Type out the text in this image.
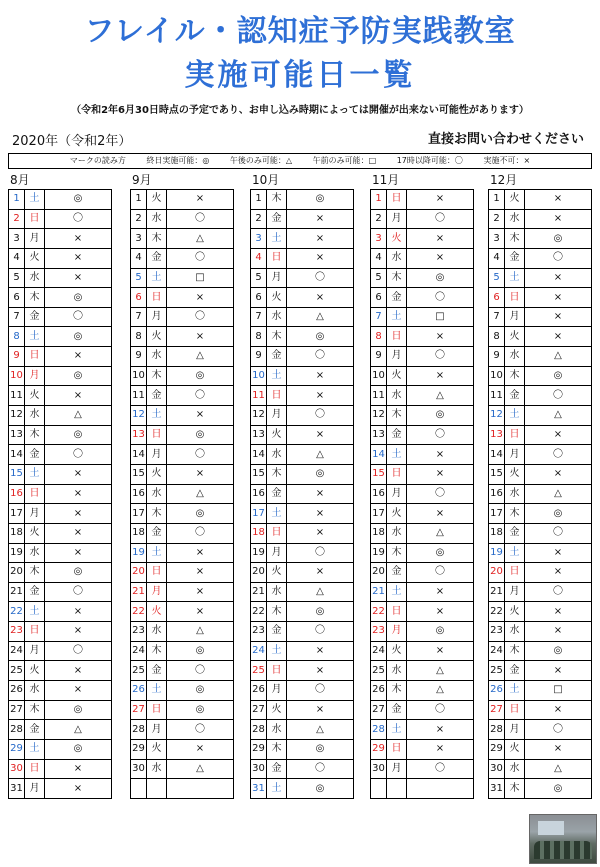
フレイル・認知症予防実践教室
実施可能日一覧
（令和2年6月30日時点の予定であり、お申し込み時期によっては開催が出来ない可能性があります）
2020年（令和2年）	直接お問い合わせください
マークの読み方	終日実施可能：◎	午後のみ可能：△	午前のみ可能：□	17時以降可能：〇	実施不可：×
8月
1	土	◎
2	日	〇
3	月	×
4	火	×
5	水	×
6	木	◎
7	金	〇
8	土	◎
9	日	×
10	月	◎
11	火	×
12	水	△
13	木	◎
14	金	〇
15	土	×
16	日	×
17	月	×
18	火	×
19	水	×
20	木	◎
21	金	〇
22	土	×
23	日	×
24	月	〇
25	火	×
26	水	×
27	木	◎
28	金	△
29	土	◎
30	日	×
31	月	×
9月
1	火	×
2	水	〇
3	木	△
4	金	〇
5	土	□
6	日	×
7	月	〇
8	火	×
9	水	△
10	木	◎
11	金	〇
12	土	×
13	日	◎
14	月	〇
15	火	×
16	水	△
17	木	◎
18	金	〇
19	土	×
20	日	×
21	月	×
22	火	×
23	水	△
24	木	◎
25	金	〇
26	土	◎
27	日	◎
28	月	〇
29	火	×
30	水	△

10月
1	木	◎
2	金	×
3	土	×
4	日	×
5	月	〇
6	火	×
7	水	△
8	木	◎
9	金	〇
10	土	×
11	日	×
12	月	〇
13	火	×
14	水	△
15	木	◎
16	金	×
17	土	×
18	日	×
19	月	〇
20	火	×
21	水	△
22	木	◎
23	金	〇
24	土	×
25	日	×
26	月	〇
27	火	×
28	水	△
29	木	◎
30	金	〇
31	土	◎
11月
1	日	×
2	月	〇
3	火	×
4	水	×
5	木	◎
6	金	〇
7	土	□
8	日	×
9	月	〇
10	火	×
11	水	△
12	木	◎
13	金	〇
14	土	×
15	日	×
16	月	〇
17	火	×
18	水	△
19	木	◎
20	金	〇
21	土	×
22	日	×
23	月	◎
24	火	×
25	水	△
26	木	△
27	金	〇
28	土	×
29	日	×
30	月	〇

12月
1	火	×
2	水	×
3	木	◎
4	金	〇
5	土	×
6	日	×
7	月	×
8	火	×
9	水	△
10	木	◎
11	金	〇
12	土	△
13	日	×
14	月	〇
15	火	×
16	水	△
17	木	◎
18	金	〇
19	土	×
20	日	×
21	月	〇
22	火	×
23	水	×
24	木	◎
25	金	×
26	土	□
27	日	×
28	月	〇
29	火	×
30	水	△
31	木	◎
